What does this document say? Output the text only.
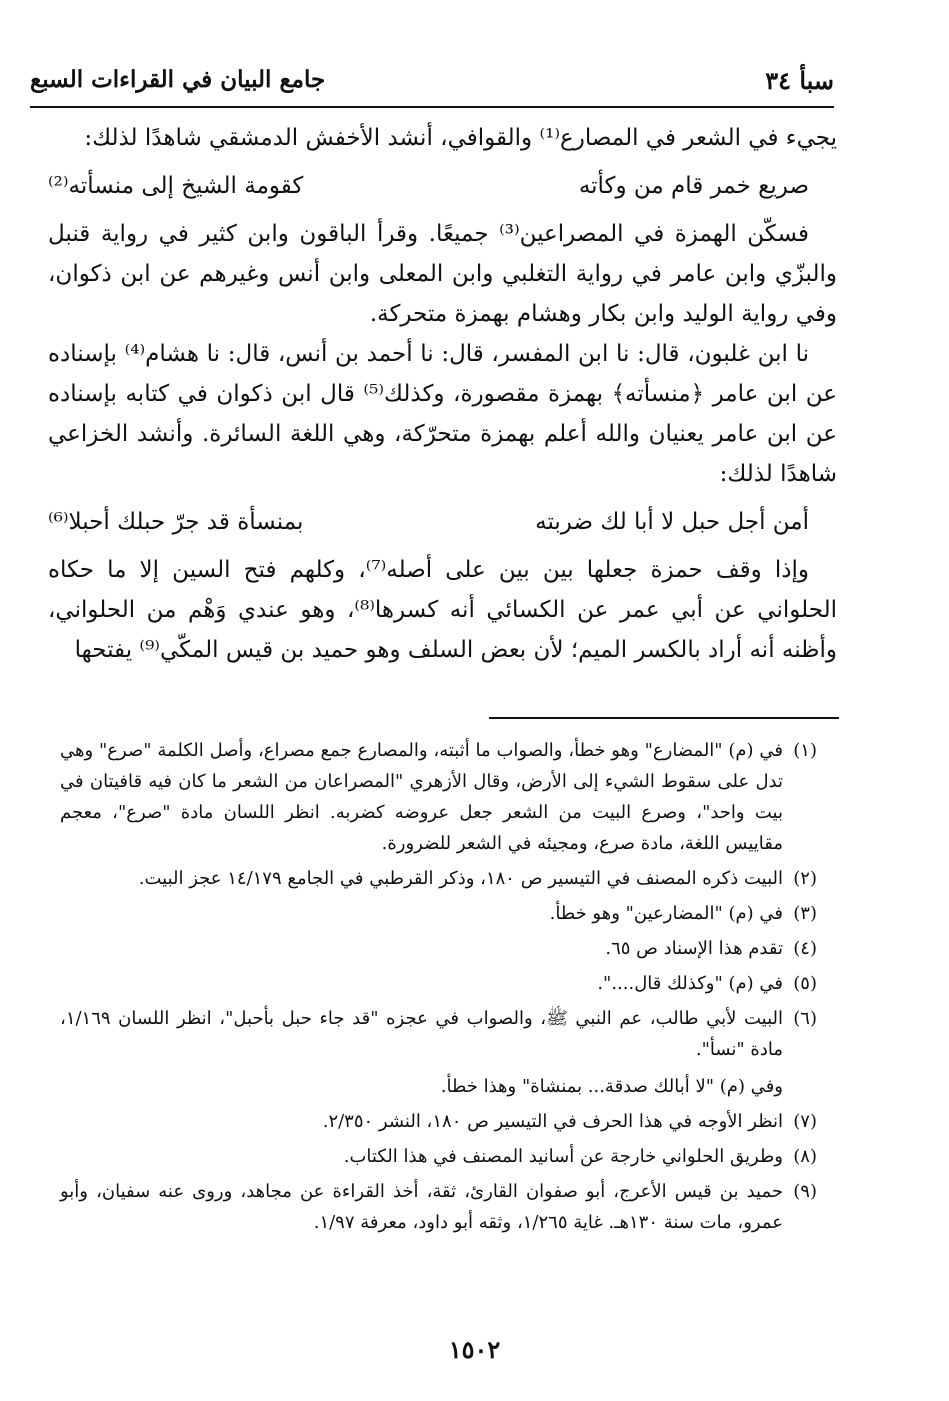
سبأ ٣٤
جامع البيان في القراءات السبع

يجيء في الشعر في المصارع⁽¹⁾ والقوافي، أنشد الأخفش الدمشقي شاهدًا لذلك:

صريع خمر قام من وكأته
كقومة الشيخ إلى منسأته⁽²⁾

فسكّن الهمزة في المصراعين⁽³⁾ جميعًا. وقرأ الباقون وابن كثير في رواية قنبل والبزّي وابن عامر في رواية التغلبي وابن المعلى وابن أنس وغيرهم عن ابن ذكوان، وفي رواية الوليد وابن بكار وهشام بهمزة متحركة.

نا ابن غلبون، قال: نا ابن المفسر، قال: نا أحمد بن أنس، قال: نا هشام⁽⁴⁾ بإسناده عن ابن عامر ﴿منسأته﴾ بهمزة مقصورة، وكذلك⁽⁵⁾ قال ابن ذكوان في كتابه بإسناده عن ابن عامر يعنيان والله أعلم بهمزة متحرّكة، وهي اللغة السائرة. وأنشد الخزاعي شاهدًا لذلك:

أمن أجل حبل لا أبا لك ضربته
بمنسأة قد جرّ حبلك أحبلا⁽⁶⁾

وإذا وقف حمزة جعلها بين بين على أصله⁽⁷⁾، وكلهم فتح السين إلا ما حكاه الحلواني عن أبي عمر عن الكسائي أنه كسرها⁽⁸⁾، وهو عندي وَهْم من الحلواني، وأظنه أنه أراد بالكسر الميم؛ لأن بعض السلف وهو حميد بن قيس المكّي⁽⁹⁾ يفتحها

(١)
في (م) "المضارع" وهو خطأ، والصواب ما أثبته، والمصارع جمع مصراع، وأصل الكلمة "صرع" وهي تدل على سقوط الشيء إلى الأرض، وقال الأزهري "المصراعان من الشعر ما كان فيه قافيتان في بيت واحد"، وصرع البيت من الشعر جعل عروضه كضربه. انظر اللسان مادة "صرع"، معجم مقاييس اللغة، مادة صرع، ومجيئه في الشعر للضرورة.
(٢)
البيت ذكره المصنف في التيسير ص ١٨٠، وذكر القرطبي في الجامع ١٤/١٧٩ عجز البيت.
(٣)
في (م) "المضارعين" وهو خطأ.
(٤)
تقدم هذا الإسناد ص ٦٥.
(٥)
في (م) "وكذلك قال....".
(٦)
البيت لأبي طالب، عم النبي ﷺ، والصواب في عجزه "قد جاء حبل بأحبل"، انظر اللسان ١/١٦٩، مادة "نسأ".
وفي (م) "لا أبالك صدقة... بمنشاة" وهذا خطأ.
(٧)
انظر الأوجه في هذا الحرف في التيسير ص ١٨٠، النشر ٢/٣٥٠.
(٨)
وطريق الحلواني خارجة عن أسانيد المصنف في هذا الكتاب.
(٩)
حميد بن قيس الأعرج، أبو صفوان القارئ، ثقة، أخذ القراءة عن مجاهد، وروى عنه سفيان، وأبو عمرو، مات سنة ١٣٠هـ. غاية ١/٢٦٥، وثقه أبو داود، معرفة ١/٩٧.
١٥٠٢
